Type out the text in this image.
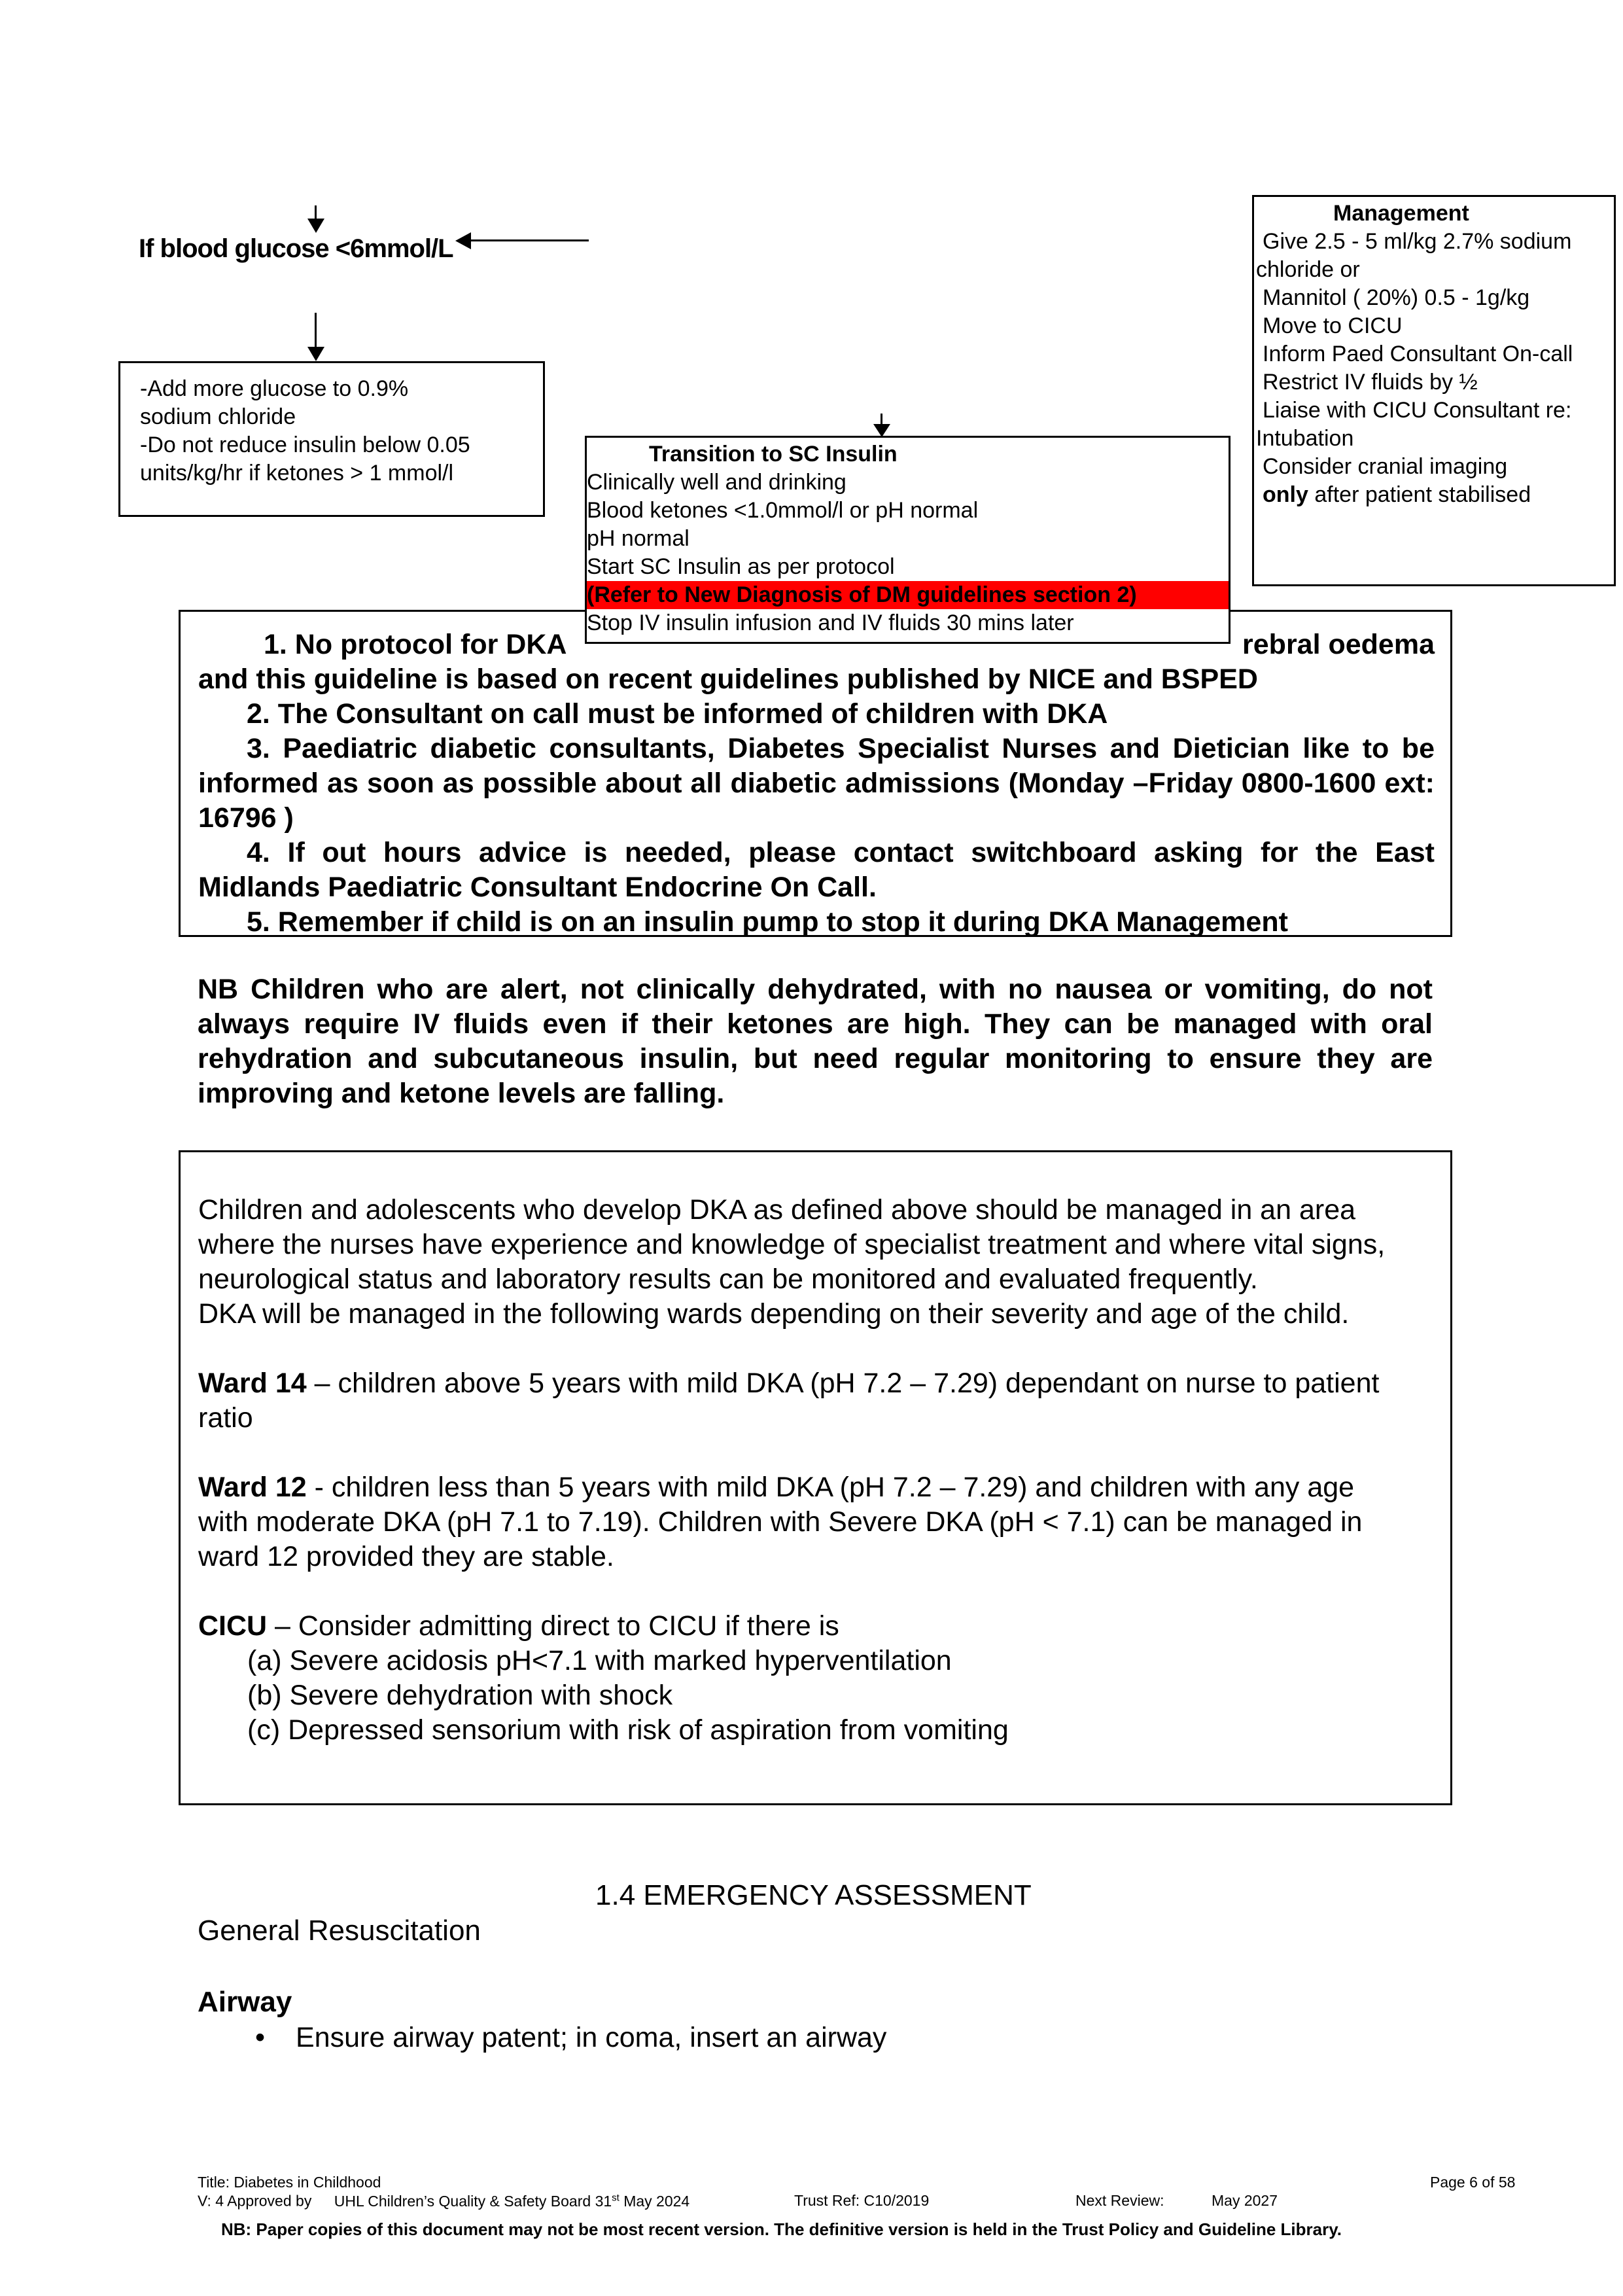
If blood glucose <6mmol/L
-Add more glucose to 0.9%
sodium chloride
-Do not reduce insulin below 0.05
units/kg/hr if ketones > 1 mmol/l
Management
Give 2.5 - 5 ml/kg 2.7% sodium
chloride or
Mannitol ( 20%) 0.5 - 1g/kg
Move to CICU
Inform Paed Consultant On-call
Restrict IV fluids by ½
Liaise with CICU Consultant re:
Intubation
Consider cranial imaging
only after patient stabilised
1. No protocol for DKA	rebral oedema
and this guideline is based on recent guidelines published by NICE and BSPED
2. The Consultant on call must be informed of children with DKA
3. Paediatric diabetic consultants, Diabetes Specialist Nurses and Dietician like to be informed as soon as possible about all diabetic admissions (Monday –Friday 0800-1600 ext: 16796 )
4. If out hours advice is needed, please contact switchboard asking for the East Midlands Paediatric Consultant Endocrine On Call.
5. Remember if child is on an insulin pump to stop it during DKA Management
Transition to SC Insulin
Clinically well and drinking
Blood ketones <1.0mmol/l or pH normal
pH normal
Start SC Insulin as per protocol
(Refer to New Diagnosis of DM guidelines section 2)
Stop IV insulin infusion and IV fluids 30 mins later
NB Children who are alert, not clinically dehydrated, with no nausea or vomiting, do not always require IV fluids even if their ketones are high. They can be managed with oral rehydration and subcutaneous insulin, but need regular monitoring to ensure they are improving and ketone levels are falling.
Children and adolescents who develop DKA as defined above should be managed in an area where the nurses have experience and knowledge of specialist treatment and where vital signs, neurological status and laboratory results can be monitored and evaluated frequently.
DKA will be managed in the following wards depending on their severity and age of the child.
Ward 14 – children above 5 years with mild DKA (pH 7.2 – 7.29) dependant on nurse to patient ratio
Ward 12 - children less than 5 years with mild DKA (pH 7.2 – 7.29) and children with any age with moderate DKA (pH 7.1 to 7.19). Children with Severe DKA (pH < 7.1) can be managed in ward 12 provided they are stable.
CICU – Consider admitting direct to CICU if there is
(a) Severe acidosis pH<7.1 with marked hyperventilation
(b) Severe dehydration with shock
(c) Depressed sensorium with risk of aspiration from vomiting
1.4 EMERGENCY ASSESSMENT
General Resuscitation
Airway
• Ensure airway patent; in coma, insert an airway
Title: Diabetes in Childhood	Page 6 of 58
V: 4 Approved by UHL Children’s Quality & Safety Board 31st May 2024	Trust Ref: C10/2019	Next Review:	May 2027
NB: Paper copies of this document may not be most recent version. The definitive version is held in the Trust Policy and Guideline Library.
